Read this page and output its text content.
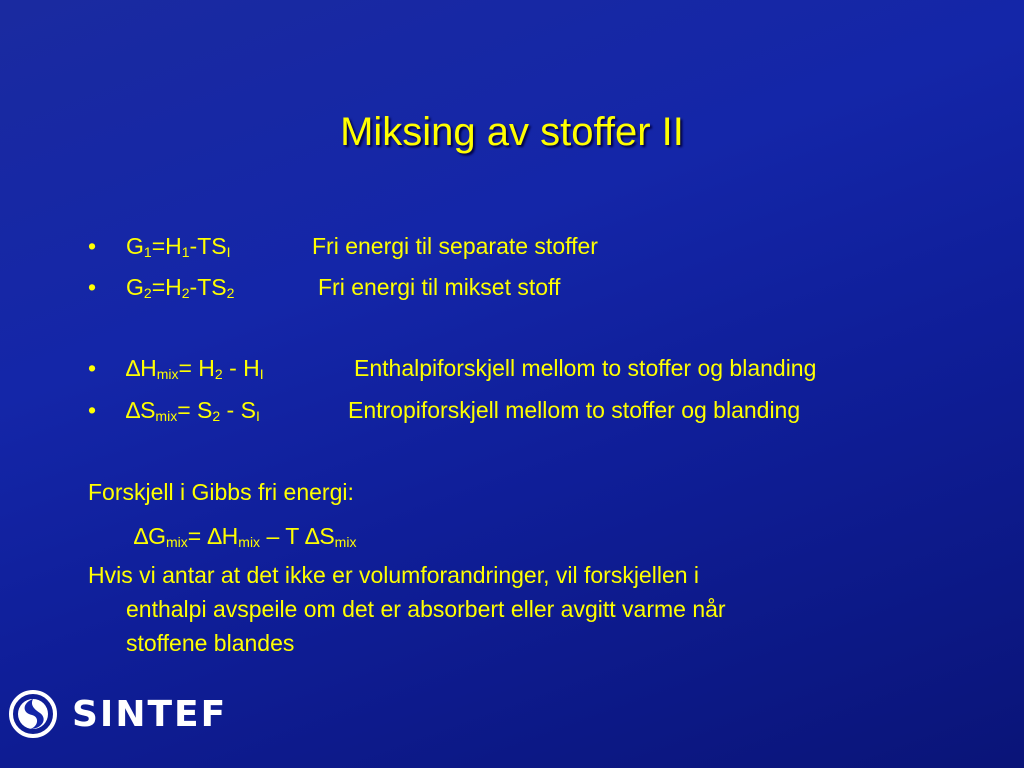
Miksing av stoffer II
• $G_1=H_1-TS_I$	Fri energi til separate stoffer
• $G_2=H_2-TS_2$	Fri energi til mikset stoff
• $\Delta H_{mix}= H_2 - H_I$	Enthalpiforskjell mellom to stoffer og blanding
• $\Delta S_{mix}= S_2 - S_I$	Entropiforskjell mellom to stoffer og blanding
Forskjell i Gibbs fri energi:
$\Delta G_{mix}= \Delta H_{mix} - T$ $\Delta S_{mix}$
Hvis vi antar at det ikke er volumforandringer, vil forskjellen i
enthalpi avspeile om det er absorbert eller avgitt varme når
stoffene blandes
SINTEF
